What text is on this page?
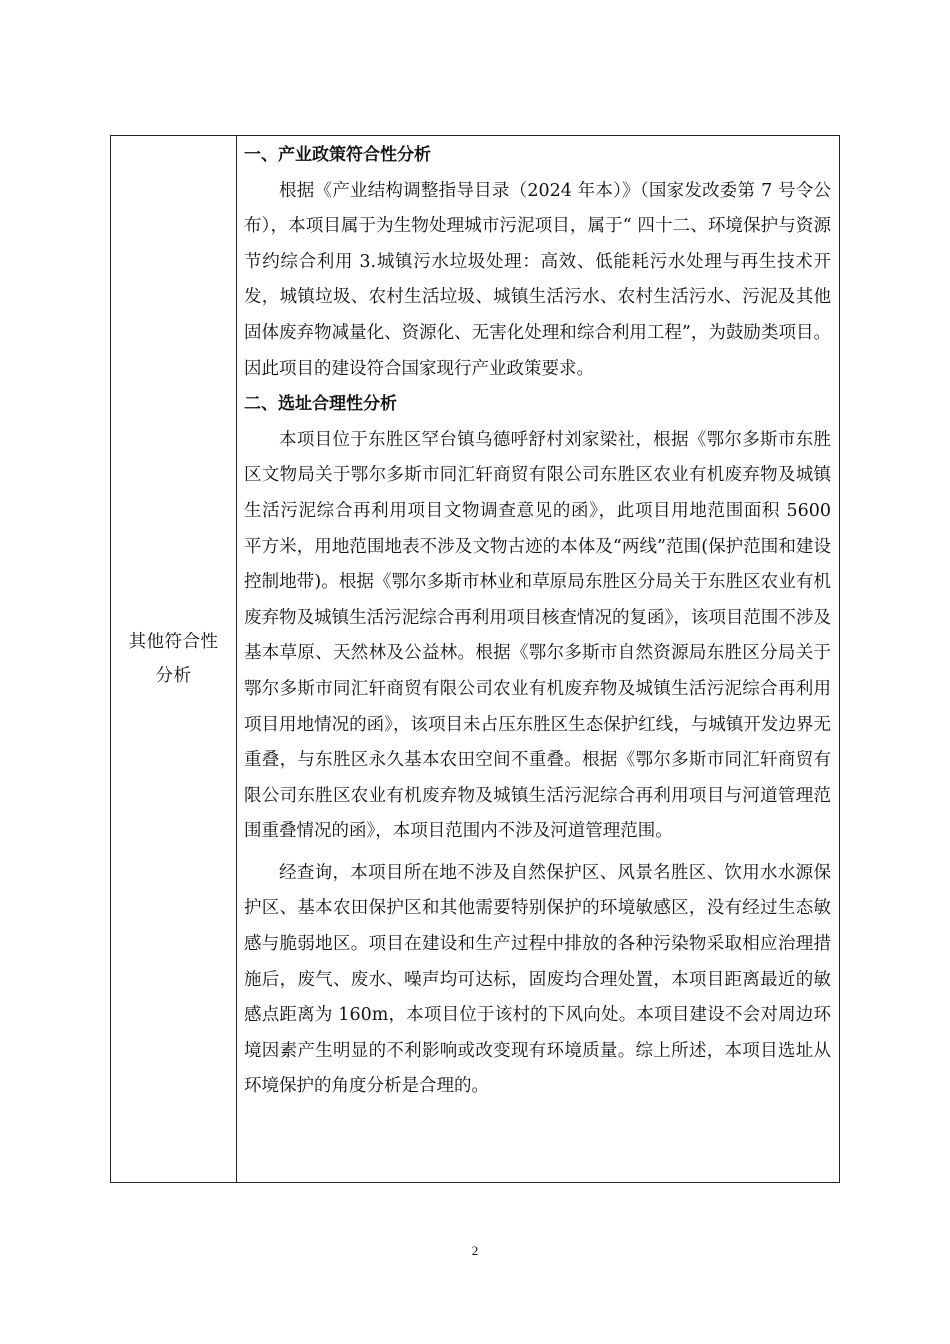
其他符合性分析

一、产业政策符合性分析

根据《产业结构调整指导目录（2024 年本）》（国家发改委第 7 号令公布），本项目属于为生物处理城市污泥项目，属于“ 四十二、环境保护与资源节约综合利用 3.城镇污水垃圾处理：高效、低能耗污水处理与再生技术开发，城镇垃圾、农村生活垃圾、城镇生活污水、农村生活污水、污泥及其他固体废弃物减量化、资源化、无害化处理和综合利用工程”，为鼓励类项目。因此项目的建设符合国家现行产业政策要求。

二、选址合理性分析

本项目位于东胜区罕台镇乌德呼舒村刘家梁社，根据《鄂尔多斯市东胜区文物局关于鄂尔多斯市同汇轩商贸有限公司东胜区农业有机废弃物及城镇生活污泥综合再利用项目文物调查意见的函》，此项目用地范围面积 5600 平方米，用地范围地表不涉及文物古迹的本体及“两线”范围(保护范围和建设控制地带)。根据《鄂尔多斯市林业和草原局东胜区分局关于东胜区农业有机废弃物及城镇生活污泥综合再利用项目核查情况的复函》，该项目范围不涉及基本草原、天然林及公益林。根据《鄂尔多斯市自然资源局东胜区分局关于鄂尔多斯市同汇轩商贸有限公司农业有机废弃物及城镇生活污泥综合再利用项目用地情况的函》，该项目未占压东胜区生态保护红线，与城镇开发边界无重叠，与东胜区永久基本农田空间不重叠。根据《鄂尔多斯市同汇轩商贸有限公司东胜区农业有机废弃物及城镇生活污泥综合再利用项目与河道管理范围重叠情况的函》，本项目范围内不涉及河道管理范围。

经查询，本项目所在地不涉及自然保护区、风景名胜区、饮用水水源保护区、基本农田保护区和其他需要特别保护的环境敏感区，没有经过生态敏感与脆弱地区。项目在建设和生产过程中排放的各种污染物采取相应治理措施后，废气、废水、噪声均可达标，固废均合理处置，本项目距离最近的敏感点距离为 160m，本项目位于该村的下风向处。本项目建设不会对周边环境因素产生明显的不利影响或改变现有环境质量。综上所述，本项目选址从环境保护的角度分析是合理的。

2
